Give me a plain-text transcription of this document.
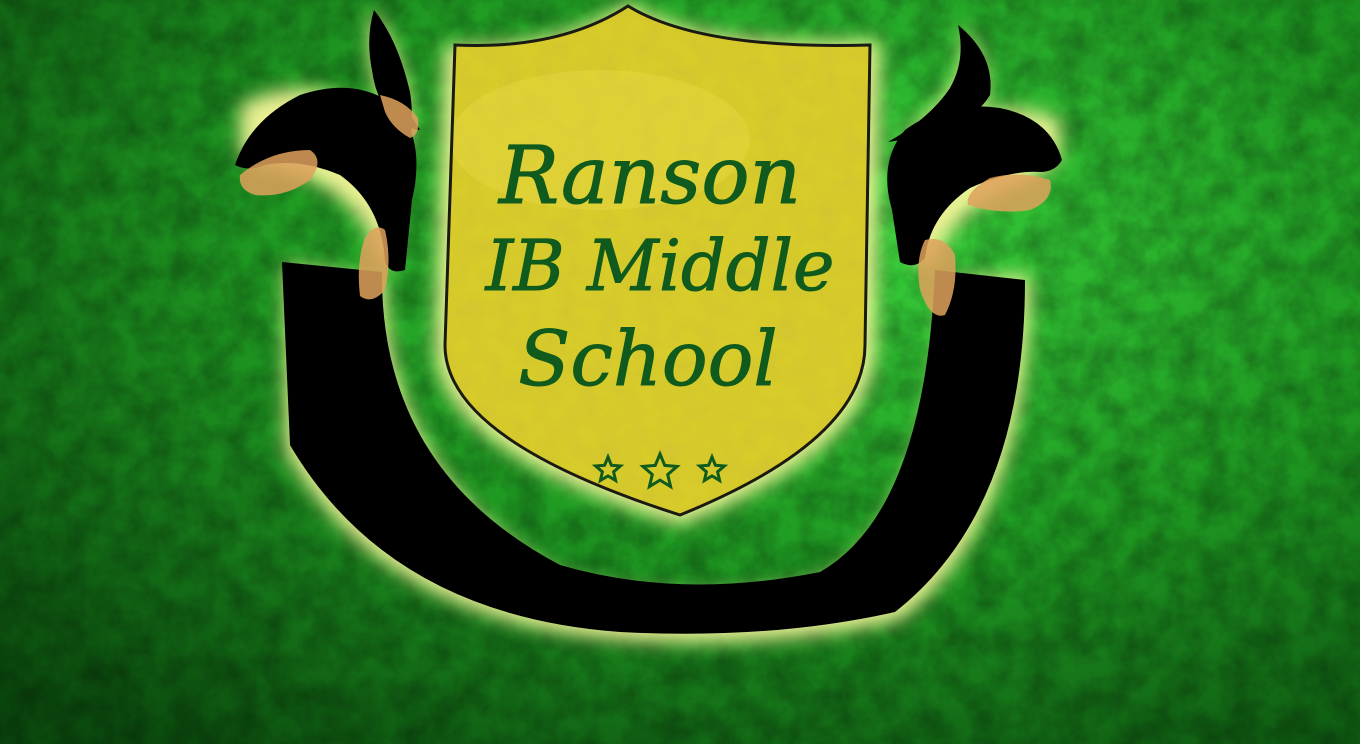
Ranson
IB Middle
School
